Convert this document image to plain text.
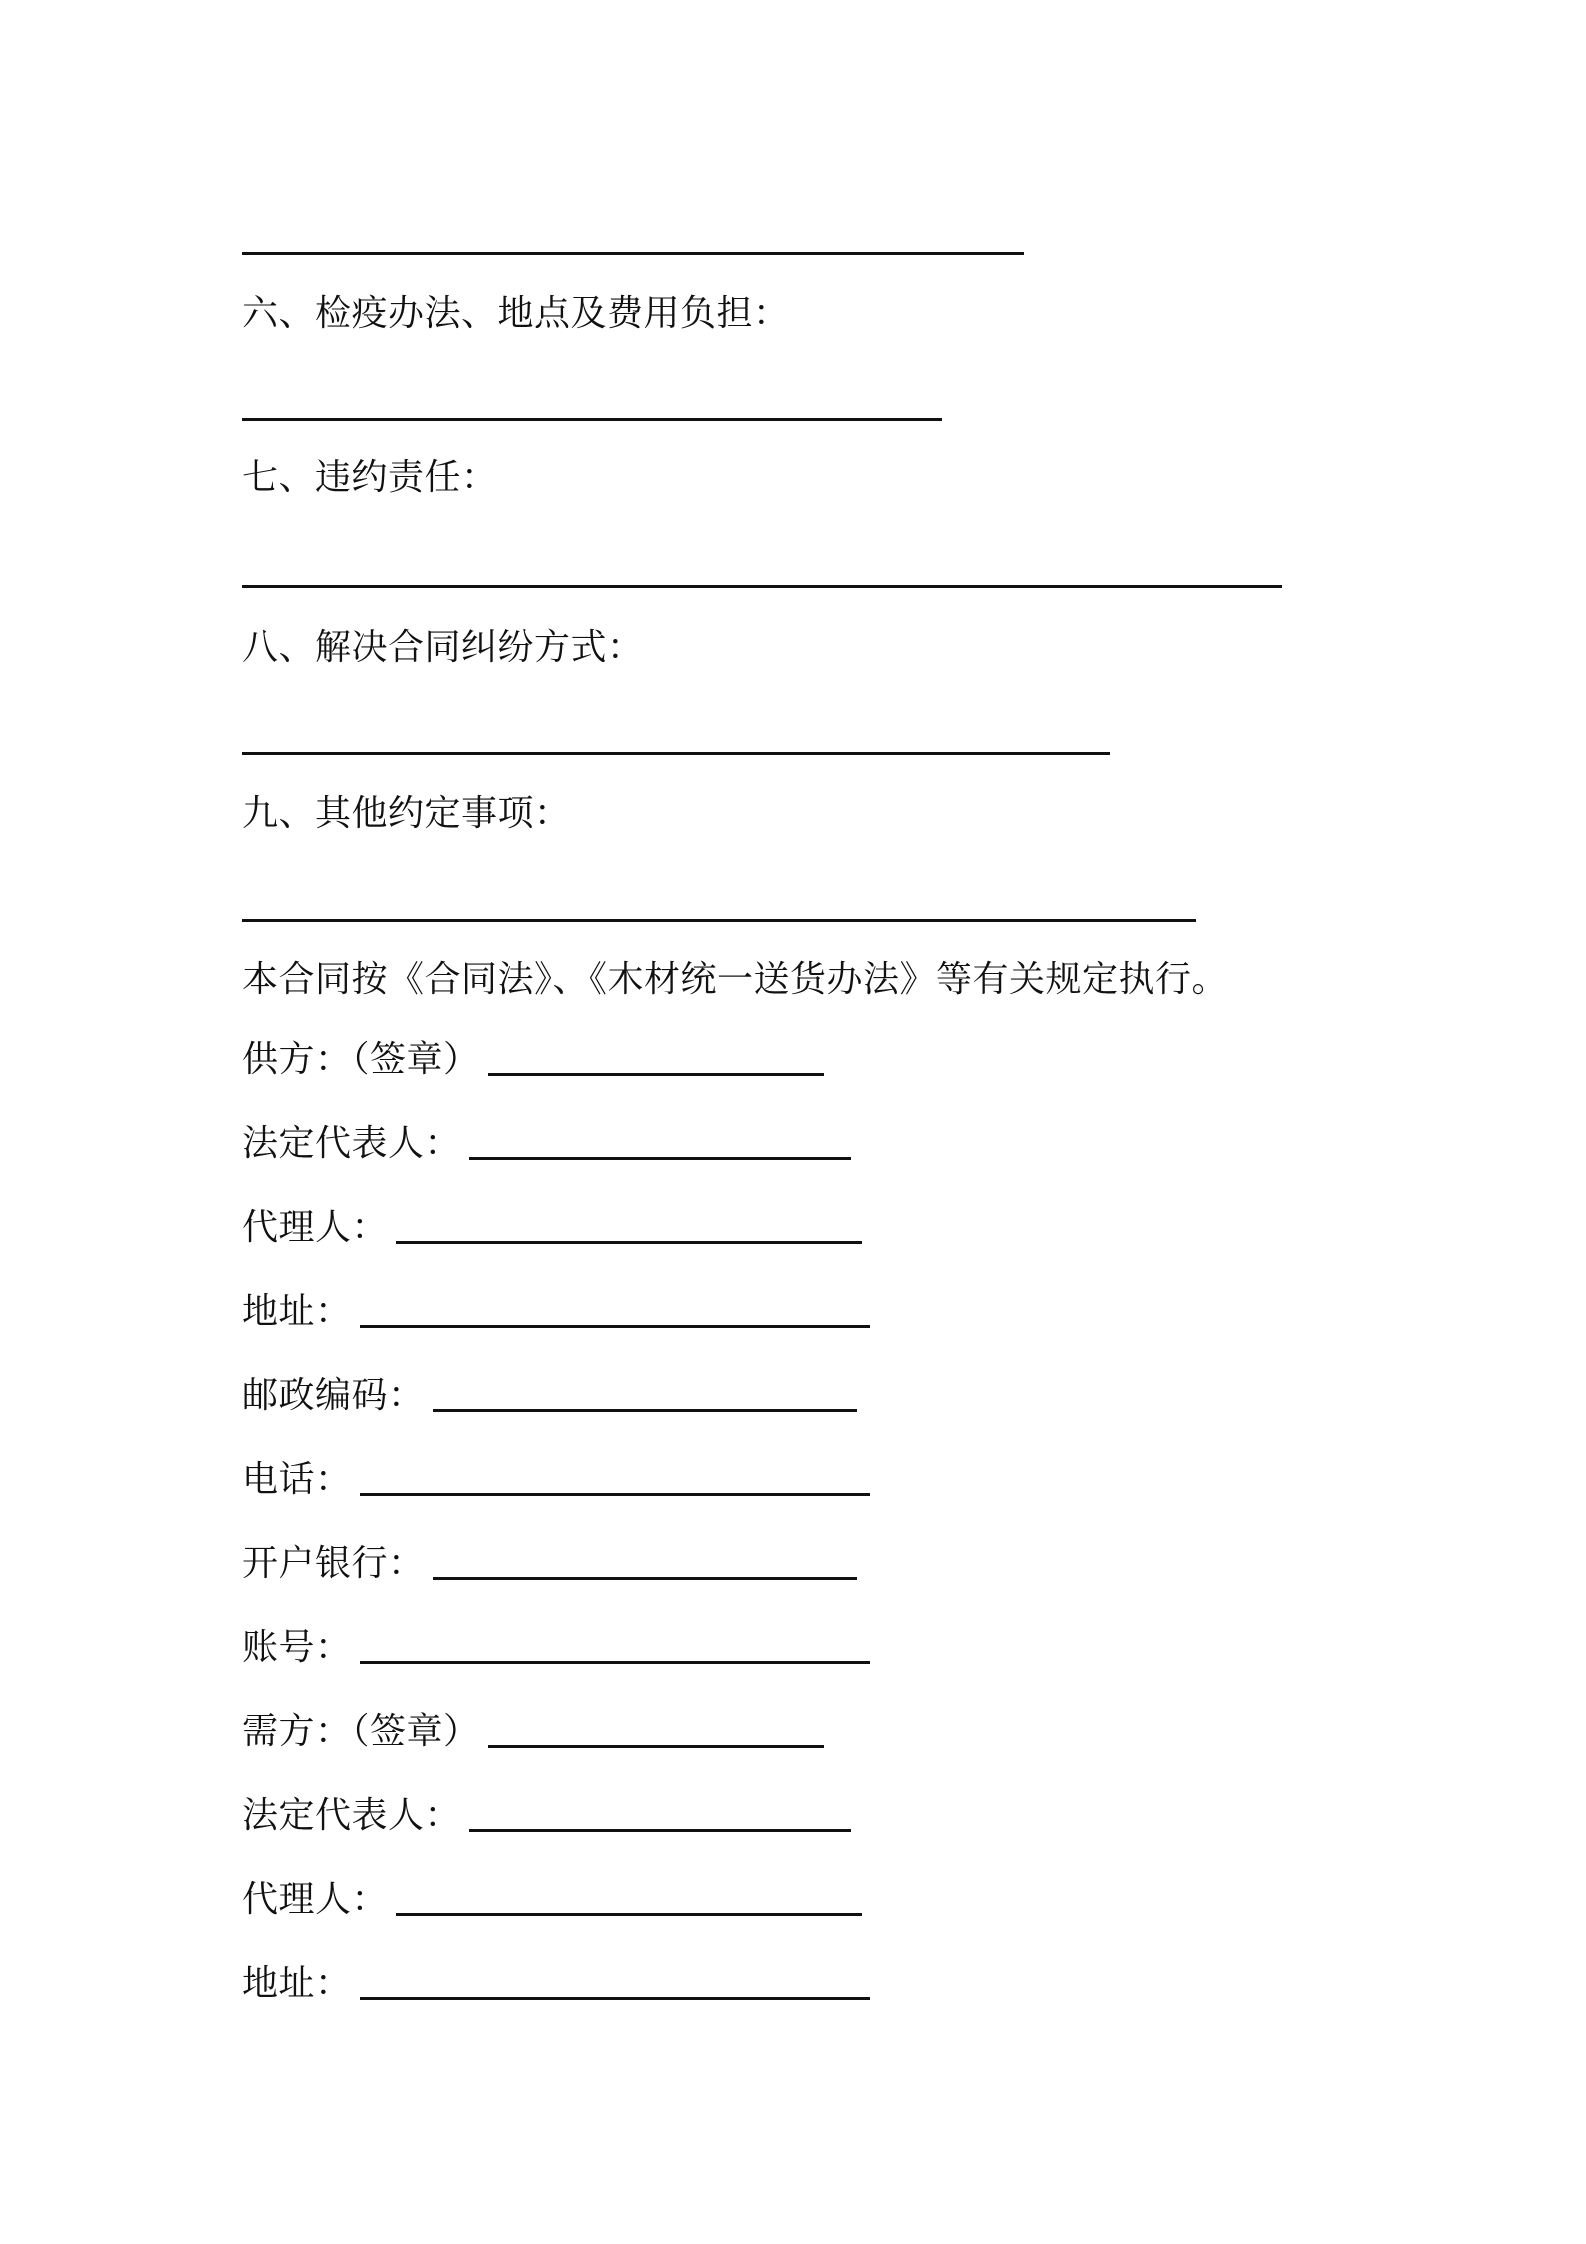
六、检疫办法、地点及费用负担：
七、违约责任：
八、解决合同纠纷方式：
九、其他约定事项：
本合同按《合同法》、《木材统一送货办法》等有关规定执行。
供方：（签章）
法定代表人：
代理人：
地址：
邮政编码：
电话：
开户银行：
账号：
需方：（签章）
法定代表人：
代理人：
地址：
